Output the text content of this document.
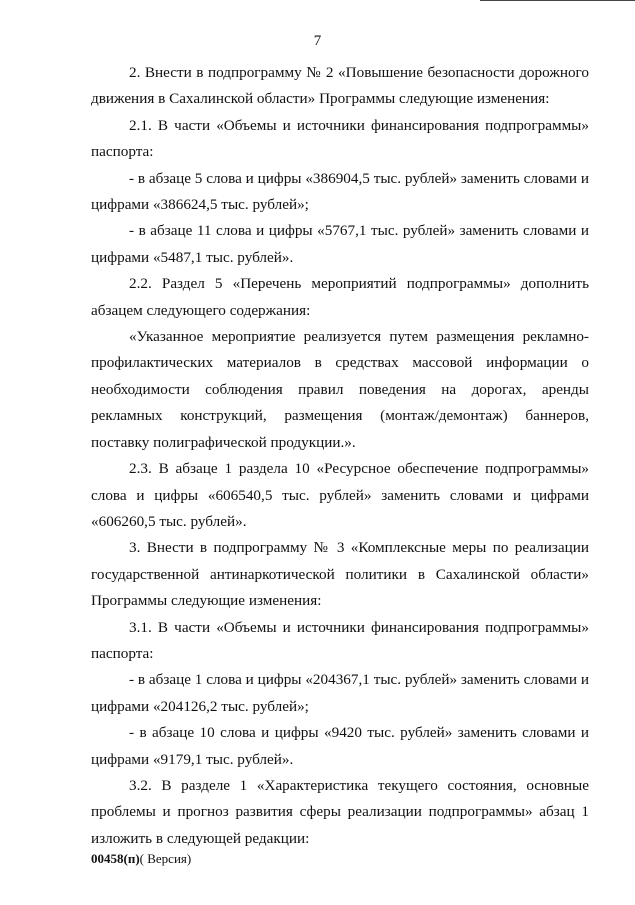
7

2. Внести в подпрограмму № 2 «Повышение безопасности дорожного движения в Сахалинской области» Программы следующие изменения:

2.1. В части «Объемы и источники финансирования подпрограммы» паспорта:

- в абзаце 5 слова и цифры «386904,5 тыс. рублей» заменить словами и цифрами «386624,5 тыс. рублей»;

- в абзаце 11 слова и цифры «5767,1 тыс. рублей» заменить словами и цифрами «5487,1 тыс. рублей».

2.2. Раздел 5 «Перечень мероприятий подпрограммы» дополнить абзацем следующего содержания:

«Указанное мероприятие реализуется путем размещения рекламно-профилактических материалов в средствах массовой информации о необходимости соблюдения правил поведения на дорогах, аренды рекламных конструкций, размещения (монтаж/демонтаж) баннеров, поставку полиграфической продукции.».

2.3. В абзаце 1 раздела 10 «Ресурсное обеспечение подпрограммы» слова и цифры «606540,5 тыс. рублей» заменить словами и цифрами «606260,5 тыс. рублей».

3. Внести в подпрограмму № 3 «Комплексные меры по реализации государственной антинаркотической политики в Сахалинской области» Программы следующие изменения:

3.1. В части «Объемы и источники финансирования подпрограммы» паспорта:

- в абзаце 1 слова и цифры «204367,1 тыс. рублей» заменить словами и цифрами «204126,2 тыс. рублей»;

- в абзаце 10 слова и цифры «9420 тыс. рублей» заменить словами и цифрами «9179,1 тыс. рублей».

3.2. В разделе 1 «Характеристика текущего состояния, основные проблемы и прогноз развития сферы реализации подпрограммы» абзац 1 изложить в следующей редакции:

00458(п)( Версия)
